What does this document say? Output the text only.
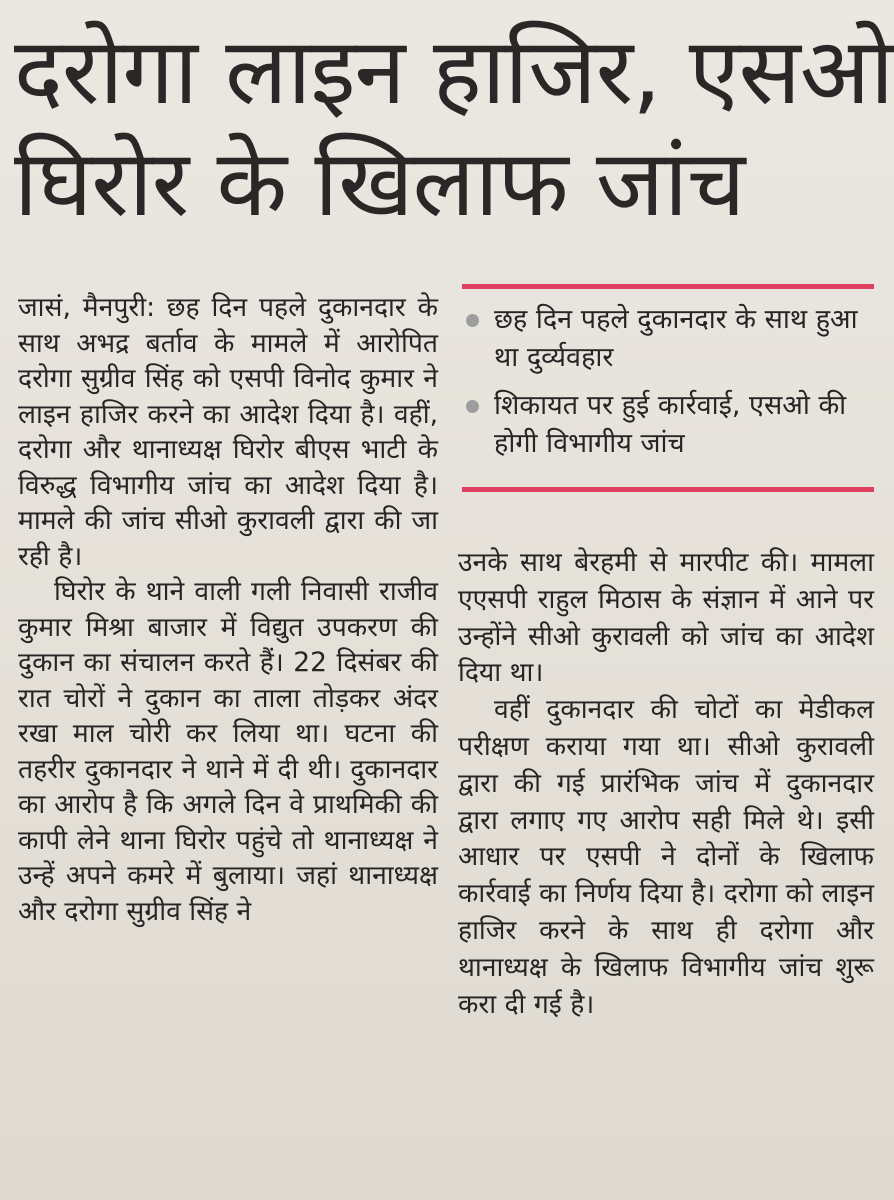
दरोगा लाइन हाजिर, एसओ
घिरोर के खिलाफ जांच

जासं, मैनपुरी: छह दिन पहले दुकानदार के साथ अभद्र बर्ताव के मामले में आरोपित दरोगा सुग्रीव सिंह को एसपी विनोद कुमार ने लाइन हाजिर करने का आदेश दिया है। वहीं, दरोगा और थानाध्यक्ष घिरोर बीएस भाटी के विरुद्ध विभागीय जांच का आदेश दिया है। मामले की जांच सीओ कुरावली द्वारा की जा रही है।

घिरोर के थाने वाली गली निवासी राजीव कुमार मिश्रा बाजार में विद्युत उपकरण की दुकान का संचालन करते हैं। 22 दिसंबर की रात चोरों ने दुकान का ताला तोड़कर अंदर रखा माल चोरी कर लिया था। घटना की तहरीर दुकानदार ने थाने में दी थी। दुकानदार का आरोप है कि अगले दिन वे प्राथमिकी की कापी लेने थाना घिरोर पहुंचे तो थानाध्यक्ष ने उन्हें अपने कमरे में बुलाया। जहां थानाध्यक्ष और दरोगा सुग्रीव सिंह ने

छह दिन पहले दुकानदार के साथ हुआ था दुर्व्यवहार
शिकायत पर हुई कार्रवाई, एसओ की होगी विभागीय जांच

उनके साथ बेरहमी से मारपीट की। मामला एएसपी राहुल मिठास के संज्ञान में आने पर उन्होंने सीओ कुरावली को जांच का आदेश दिया था।

वहीं दुकानदार की चोटों का मेडीकल परीक्षण कराया गया था। सीओ कुरावली द्वारा की गई प्रारंभिक जांच में दुकानदार द्वारा लगाए गए आरोप सही मिले थे। इसी आधार पर एसपी ने दोनों के खिलाफ कार्रवाई का निर्णय दिया है। दरोगा को लाइन हाजिर करने के साथ ही दरोगा और थानाध्यक्ष के खिलाफ विभागीय जांच शुरू करा दी गई है।
